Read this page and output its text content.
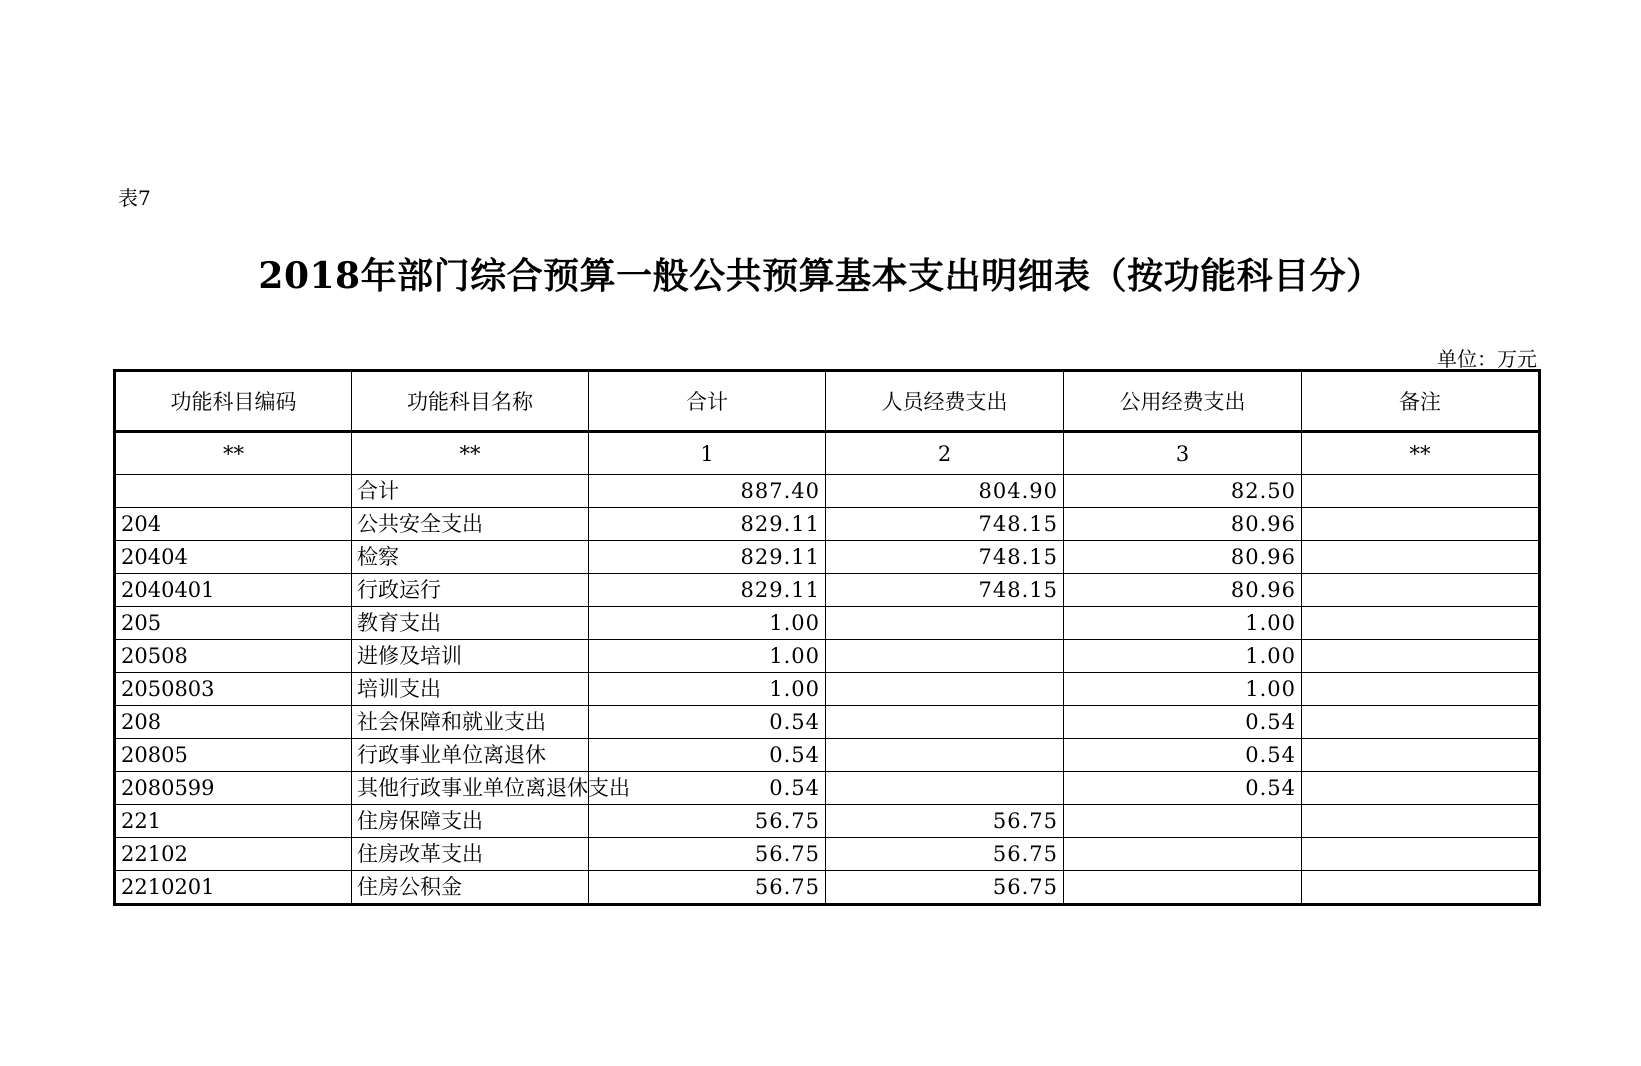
表7
2018年部门综合预算一般公共预算基本支出明细表（按功能科目分）
单位：万元
功能科目编码	功能科目名称	合计	人员经费支出	公用经费支出	备注
**	**	1	2	3	**
	合计	887.40	804.90	82.50	
204	公共安全支出	829.11	748.15	80.96	
20404	检察	829.11	748.15	80.96	
2040401	行政运行	829.11	748.15	80.96	
205	教育支出	1.00		1.00	
20508	进修及培训	1.00		1.00	
2050803	培训支出	1.00		1.00	
208	社会保障和就业支出	0.54		0.54	
20805	行政事业单位离退休	0.54		0.54	
2080599	其他行政事业单位离退休支出	0.54		0.54	
221	住房保障支出	56.75	56.75		
22102	住房改革支出	56.75	56.75		
2210201	住房公积金	56.75	56.75		
